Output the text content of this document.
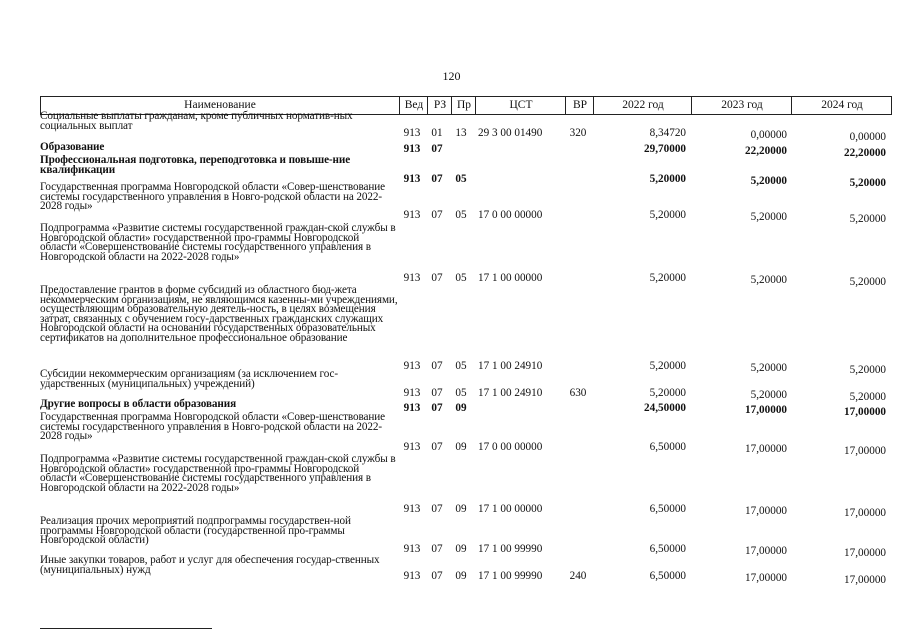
120
Наименование	Вед РЗ Пр	ЦСТ	ВР	2022 год	2023 год	2024 год
Социальные выплаты гражданам, кроме публичных норматив-ных социальных выплат
913 01	13	29 3 00 01490	320	8,34720	0,00000	0,00000
Образование	913 07	29,70000	22,20000	22,20000
Профессиональная подготовка, переподготовка и повыше-ние квалификации
913 07	05	5,20000	5,20000	5,20000
Государственная программа Новгородской области «Совер-шенствование системы государственного управления в Новго-родской области на 2022-2028 годы»
913 07	05	17 0 00 00000	5,20000	5,20000	5,20000
Подпрограмма «Развитие системы государственной граждан-ской службы в Новгородской области» государственной про-граммы Новгородской области «Совершенствование системы государственного управления в Новгородской области на 2022-2028 годы»
913 07	05	17 1 00 00000	5,20000	5,20000	5,20000
Предоставление грантов в форме субсидий из областного бюд-жета некоммерческим организациям, не являющимся казенны-ми учреждениями, осуществляющим образовательную деятель-ность, в целях возмещения затрат, связанных с обучением госу-дарственных гражданских служащих Новгородской области на основании государственных образовательных сертификатов на дополнительное профессиональное образование
913 07	05	17 1 00 24910	5,20000	5,20000	5,20000
Субсидии некоммерческим организациям (за исключением гос-ударственных (муниципальных) учреждений)
913 07	05	17 1 00 24910	630	5,20000	5,20000	5,20000
Другие вопросы в области образования	913 07	09	24,50000	17,00000	17,00000
Государственная программа Новгородской области «Совер-шенствование системы государственного управления в Новго-родской области на 2022-2028 годы»
913 07	09	17 0 00 00000	6,50000	17,00000	17,00000
Подпрограмма «Развитие системы государственной граждан-ской службы в Новгородской области» государственной про-граммы Новгородской области «Совершенствование системы государственного управления в Новгородской области на 2022-2028 годы»
913 07	09	17 1 00 00000	6,50000	17,00000	17,00000
Реализация прочих мероприятий подпрограммы государствен-ной программы Новгородской области (государственной про-граммы Новгородской области)
913 07	09	17 1 00 99990	6,50000	17,00000	17,00000
Иные закупки товаров, работ и услуг для обеспечения государ-ственных (муниципальных) нужд
913 07	09	17 1 00 99990	240	6,50000	17,00000	17,00000
